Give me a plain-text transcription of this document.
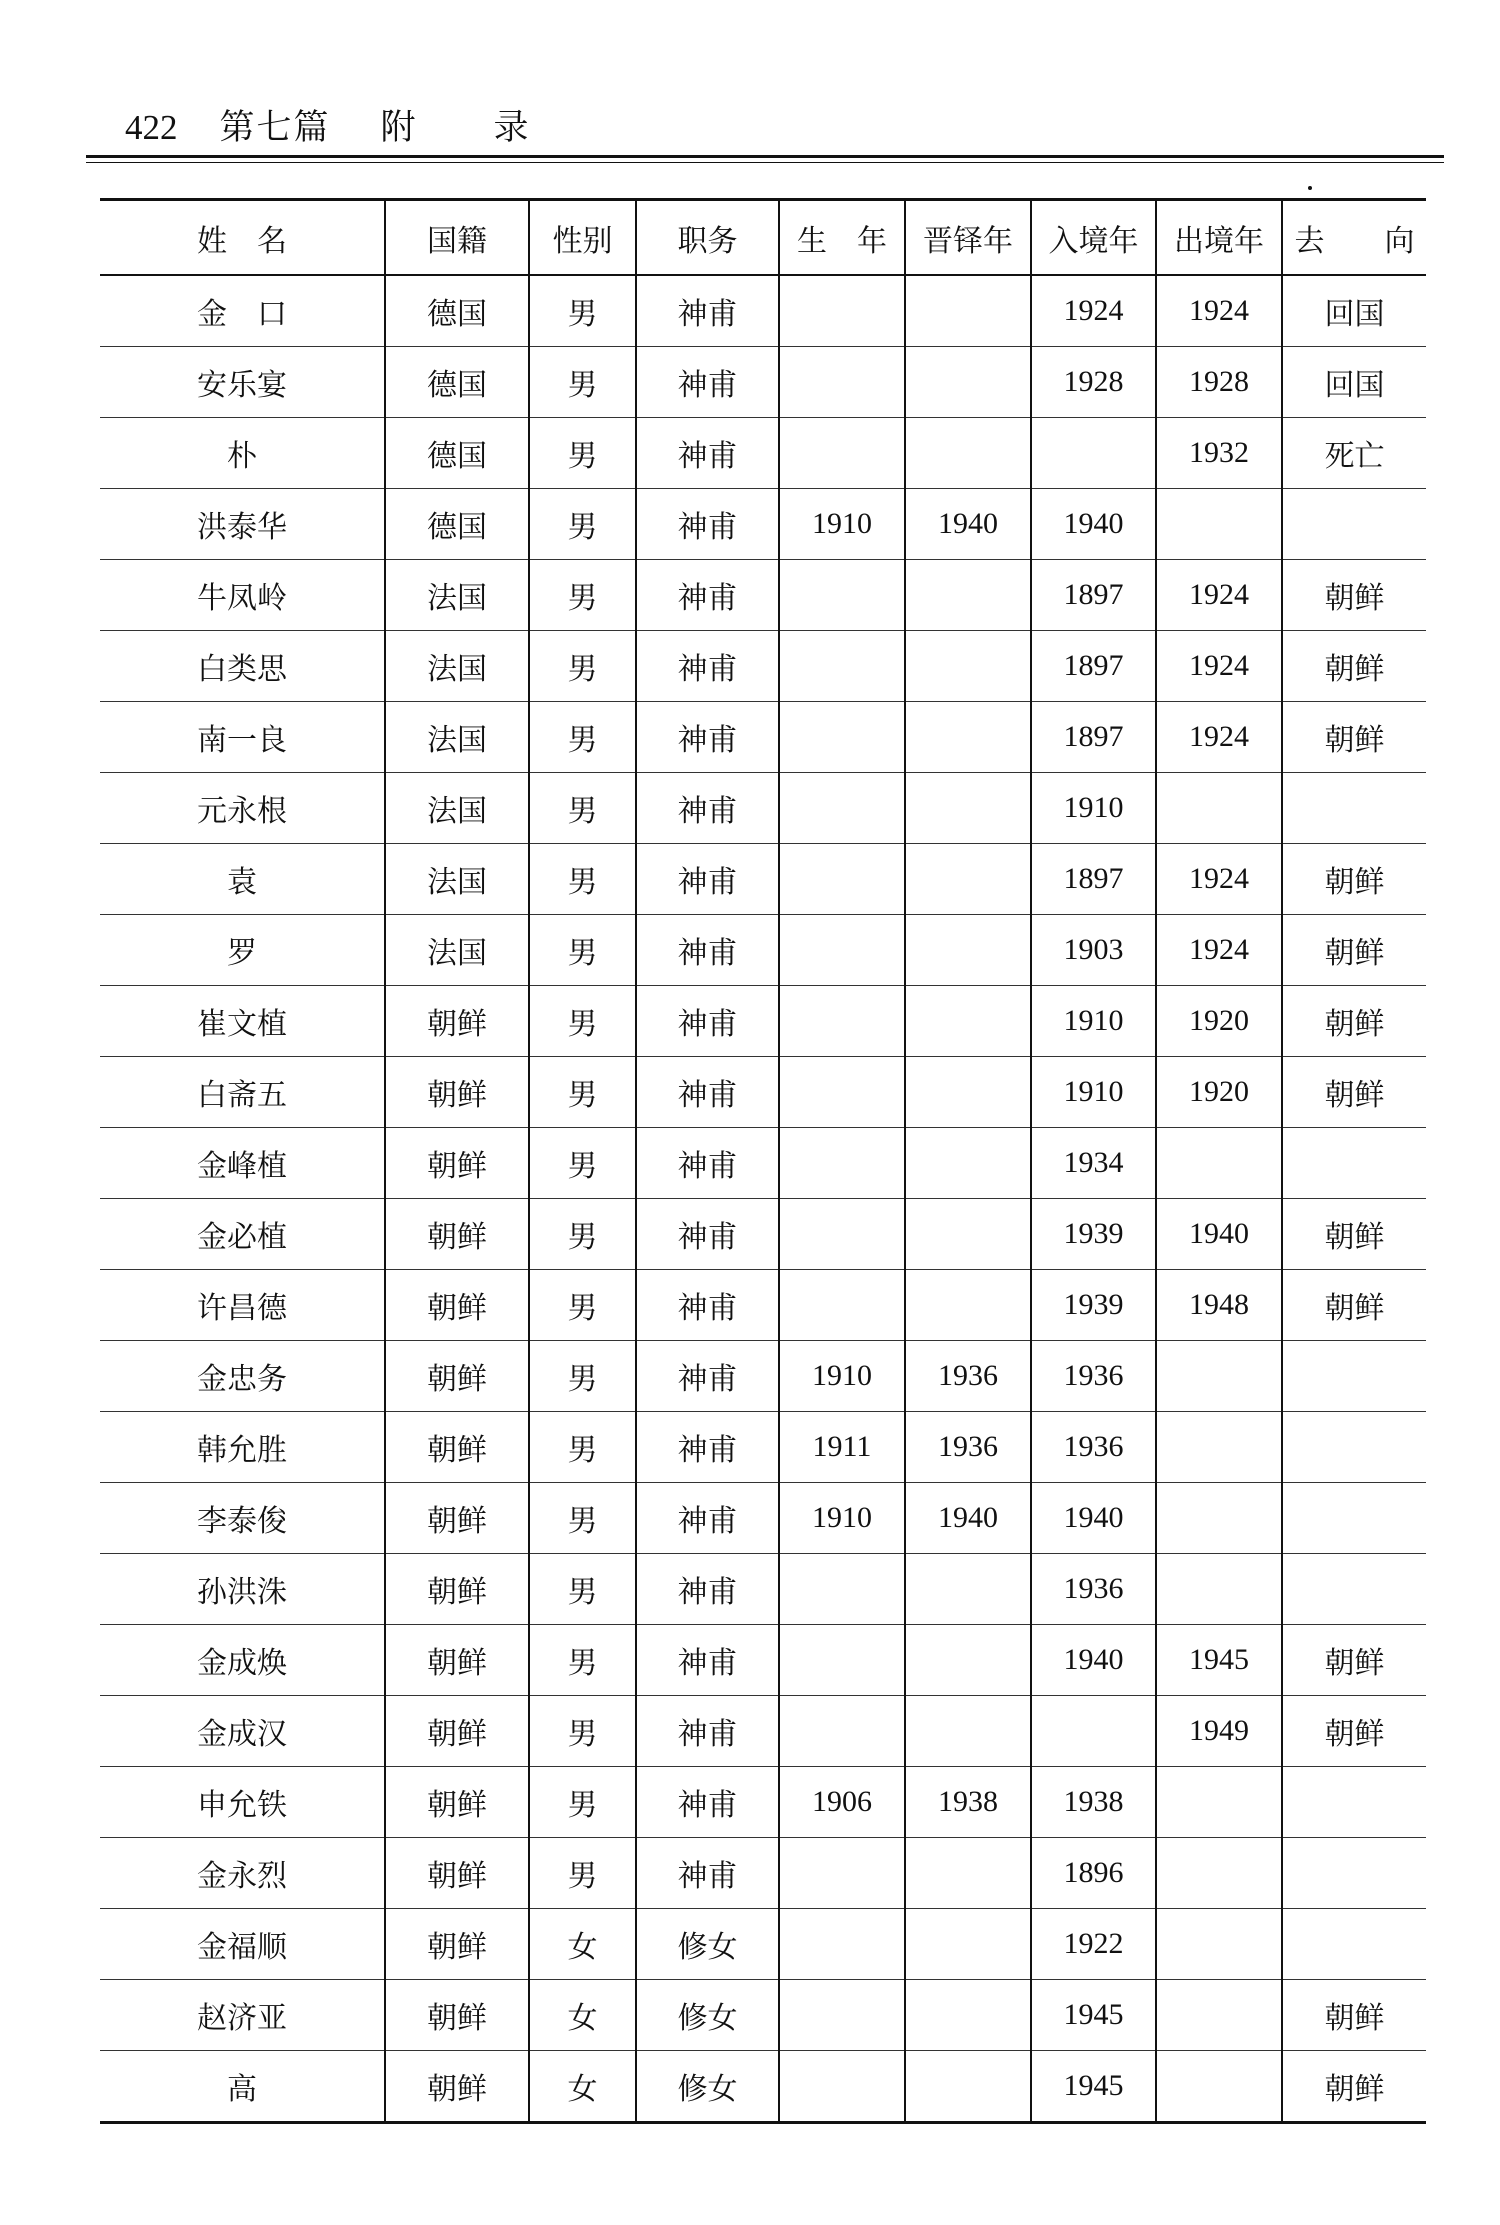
422 第七篇 附 录
姓　名	国籍	性别	职务	生　年	晋铎年	入境年	出境年	去　　向
金　口	德国	男	神甫			1924	1924	回国
安乐宴	德国	男	神甫			1928	1928	回国
朴	德国	男	神甫				1932	死亡
洪泰华	德国	男	神甫	1910	1940	1940		
牛凤岭	法国	男	神甫			1897	1924	朝鲜
白类思	法国	男	神甫			1897	1924	朝鲜
南一良	法国	男	神甫			1897	1924	朝鲜
元永根	法国	男	神甫			1910		
袁	法国	男	神甫			1897	1924	朝鲜
罗	法国	男	神甫			1903	1924	朝鲜
崔文植	朝鲜	男	神甫			1910	1920	朝鲜
白斋五	朝鲜	男	神甫			1910	1920	朝鲜
金峰植	朝鲜	男	神甫			1934		
金必植	朝鲜	男	神甫			1939	1940	朝鲜
许昌德	朝鲜	男	神甫			1939	1948	朝鲜
金忠务	朝鲜	男	神甫	1910	1936	1936		
韩允胜	朝鲜	男	神甫	1911	1936	1936		
李泰俊	朝鲜	男	神甫	1910	1940	1940		
孙洪洙	朝鲜	男	神甫			1936		
金成焕	朝鲜	男	神甫			1940	1945	朝鲜
金成汉	朝鲜	男	神甫				1949	朝鲜
申允铁	朝鲜	男	神甫	1906	1938	1938		
金永烈	朝鲜	男	神甫			1896		
金福顺	朝鲜	女	修女			1922		
赵济亚	朝鲜	女	修女			1945		朝鲜
高	朝鲜	女	修女			1945		朝鲜
